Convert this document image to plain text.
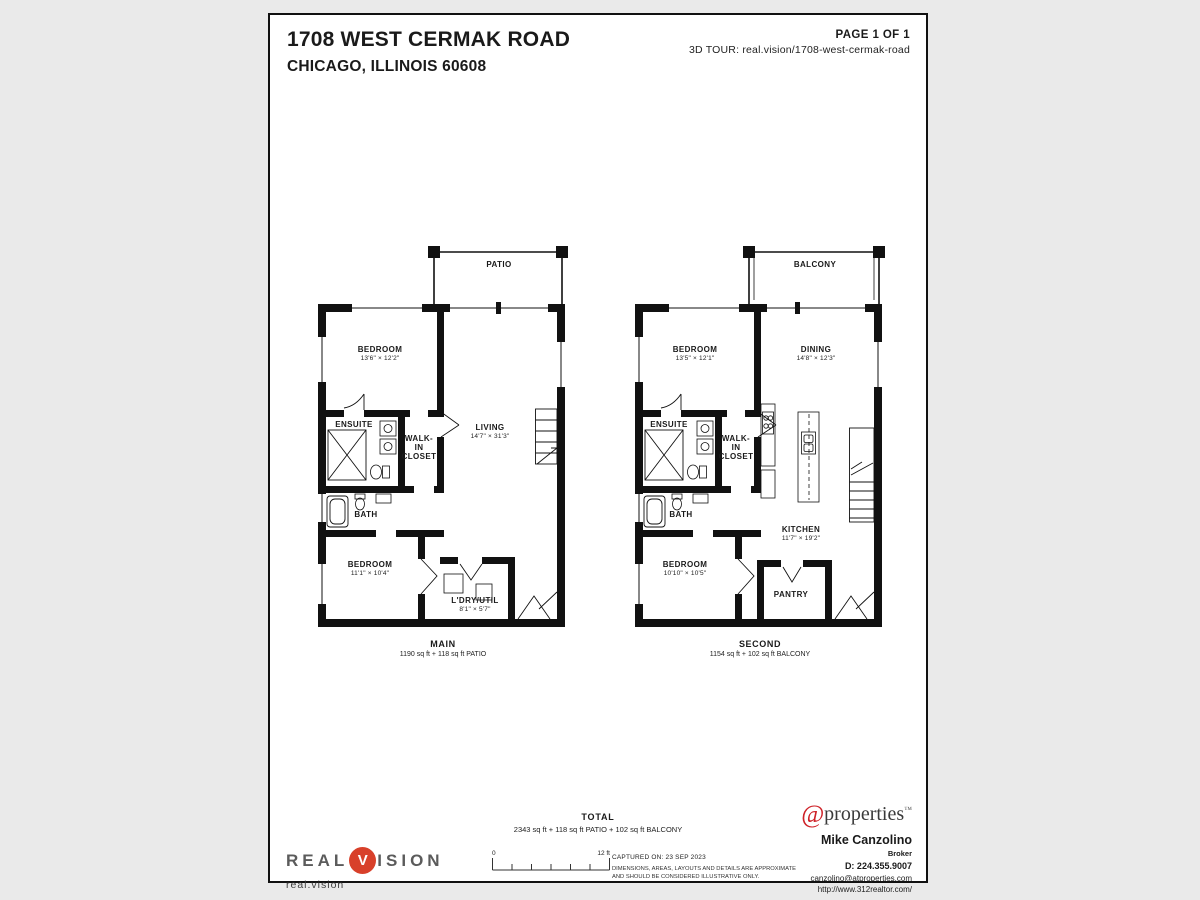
1708 WEST CERMAK ROAD
CHICAGO, ILLINOIS 60608
PAGE 1 OF 1
3D TOUR: real.vision/1708-west-cermak-road
PATIO
BEDROOM
13'6" × 12'2"
LIVING
14'7" × 31'3"
ENSUITE
WALK-IN CLOSET
BATH
BEDROOM
11'1" × 10'4"
L'DRY/UTIL
8'1" × 5'7"
MAIN
1190 sq ft + 118 sq ft PATIO
BALCONY
BEDROOM
13'5" × 12'1"
DINING
14'8" × 12'3"
ENSUITE
WALK-IN CLOSET
BATH
KITCHEN
11'7" × 19'2"
BEDROOM
10'10" × 10'5"
PANTRY
SECOND
1154 sq ft + 102 sq ft BALCONY
REAL V ISION
real.vision
TOTAL
2343 sq ft + 118 sq ft PATIO + 102 sq ft BALCONY
0	12 ft
CAPTURED ON: 23 SEP 2023
DIMENSIONS, AREAS, LAYOUTS AND DETAILS ARE APPROXIMATE
AND SHOULD BE CONSIDERED ILLUSTRATIVE ONLY.
@properties™
Mike Canzolino
Broker
D: 224.355.9007
canzolino@atproperties.com
http://www.312realtor.com/
